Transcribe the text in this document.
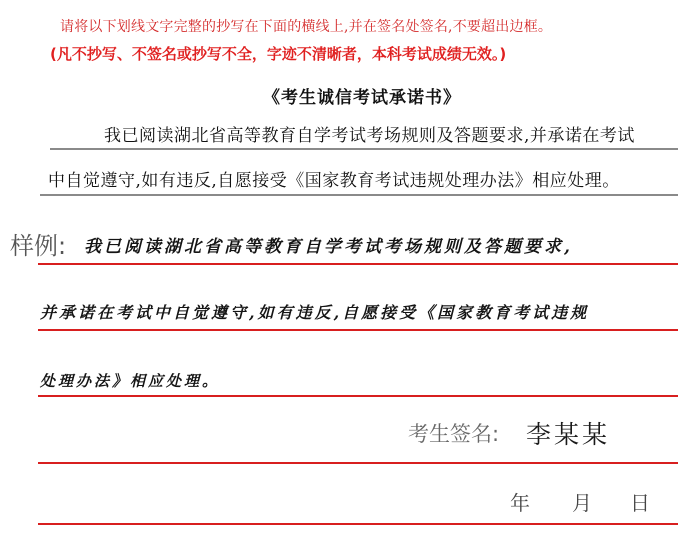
请将以下划线文字完整的抄写在下面的横线上,并在签名处签名,不要超出边框。
(凡不抄写、不签名或抄写不全，字迹不清晰者，本科考试成绩无效。)
《考生诚信考试承诺书》
我已阅读湖北省高等教育自学考试考场规则及答题要求,并承诺在考试
中自觉遵守,如有违反,自愿接受《国家教育考试违规处理办法》相应处理。
样例: 我已阅读湖北省高等教育自学考试考场规则及答题要求,
并承诺在考试中自觉遵守,如有违反,自愿接受《国家教育考试违规
处理办法》相应处理。
考生签名: 李某某
年 月 日
